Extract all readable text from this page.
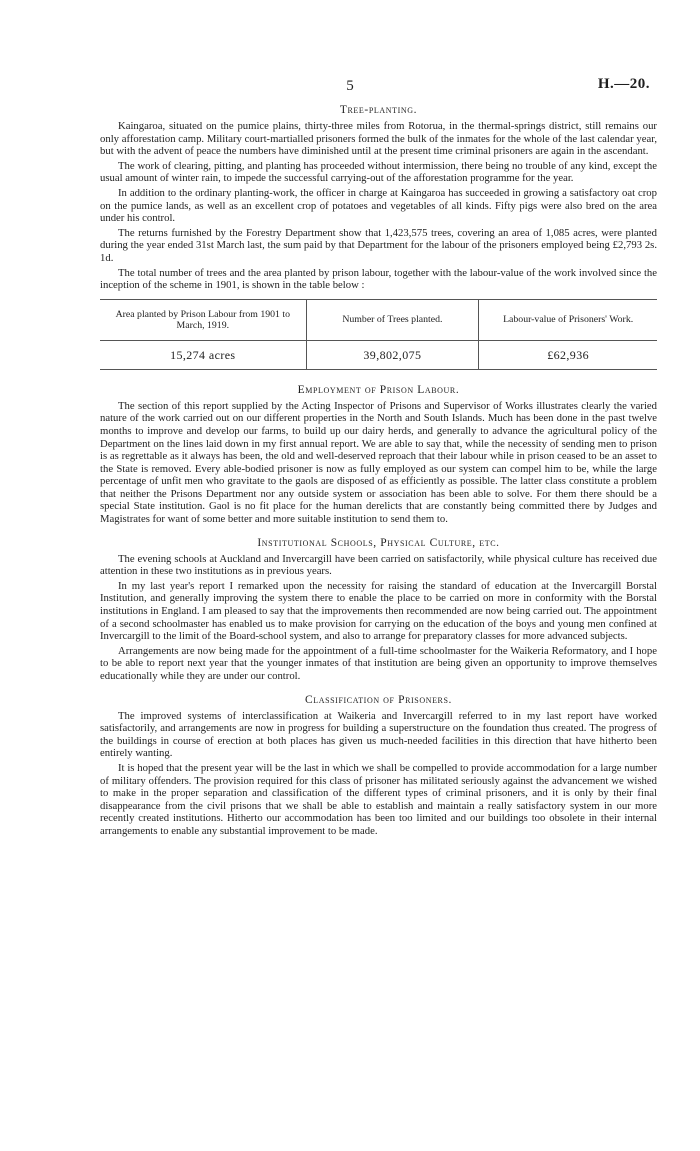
5	H.—20.
Tree-planting.

Kaingaroa, situated on the pumice plains, thirty-three miles from Rotorua, in the thermal-springs district, still remains our only afforestation camp. Military court-martialled prisoners formed the bulk of the inmates for the whole of the last calendar year, but with the advent of peace the numbers have diminished until at the present time criminal prisoners are again in the ascendant.

The work of clearing, pitting, and planting has proceeded without intermission, there being no trouble of any kind, except the usual amount of winter rain, to impede the successful carrying-out of the afforestation programme for the year.

In addition to the ordinary planting-work, the officer in charge at Kaingaroa has succeeded in growing a satisfactory oat crop on the pumice lands, as well as an excellent crop of potatoes and vegetables of all kinds. Fifty pigs were also bred on the area under his control.

The returns furnished by the Forestry Department show that 1,423,575 trees, covering an area of 1,085 acres, were planted during the year ended 31st March last, the sum paid by that Department for the labour of the prisoners employed being £2,793 2s. 1d.

The total number of trees and the area planted by prison labour, together with the labour-value of the work involved since the inception of the scheme in 1901, is shown in the table below :

Area planted by Prison Labour from 1901 to March, 1919.	Number of Trees planted.	Labour-value of Prisoners' Work.
15,274 acres	39,802,075	£62,936
Employment of Prison Labour.

The section of this report supplied by the Acting Inspector of Prisons and Supervisor of Works illustrates clearly the varied nature of the work carried out on our different properties in the North and South Islands. Much has been done in the past twelve months to improve and develop our farms, to build up our dairy herds, and generally to advance the agricultural policy of the Department on the lines laid down in my first annual report. We are able to say that, while the necessity of sending men to prison is as regrettable as it always has been, the old and well-deserved reproach that their labour while in prison ceased to be an asset to the State is removed. Every able-bodied prisoner is now as fully employed as our system can compel him to be, while the large percentage of unfit men who gravitate to the gaols are disposed of as efficiently as possible. The latter class constitute a problem that neither the Prisons Department nor any outside system or association has been able to solve. For them there should be a special State institution. Gaol is no fit place for the human derelicts that are constantly being committed there by Judges and Magistrates for want of some better and more suitable institution to send them to.

Institutional Schools, Physical Culture, etc.

The evening schools at Auckland and Invercargill have been carried on satisfactorily, while physical culture has received due attention in these two institutions as in previous years.

In my last year's report I remarked upon the necessity for raising the standard of education at the Invercargill Borstal Institution, and generally improving the system there to enable the place to be carried on more in conformity with the Borstal institutions in England. I am pleased to say that the improvements then recommended are now being carried out. The appointment of a second schoolmaster has enabled us to make provision for carrying on the education of the boys and young men confined at Invercargill to the limit of the Board-school system, and also to arrange for preparatory classes for more advanced subjects.

Arrangements are now being made for the appointment of a full-time schoolmaster for the Waikeria Reformatory, and I hope to be able to report next year that the younger inmates of that institution are being given an opportunity to improve themselves educationally while they are under our control.

Classification of Prisoners.

The improved systems of interclassification at Waikeria and Invercargill referred to in my last report have worked satisfactorily, and arrangements are now in progress for building a superstructure on the foundation thus created. The progress of the buildings in course of erection at both places has given us much-needed facilities in this direction that have hitherto been entirely wanting.

It is hoped that the present year will be the last in which we shall be compelled to provide accommodation for a large number of military offenders. The provision required for this class of prisoner has militated seriously against the advancement we wished to make in the proper separation and classification of the different types of criminal prisoners, and it is only by their final disappearance from the civil prisons that we shall be able to establish and maintain a really satisfactory system in our more recently created institutions. Hitherto our accommodation has been too limited and our buildings too obsolete in their internal arrangements to enable any substantial improvement to be made.
